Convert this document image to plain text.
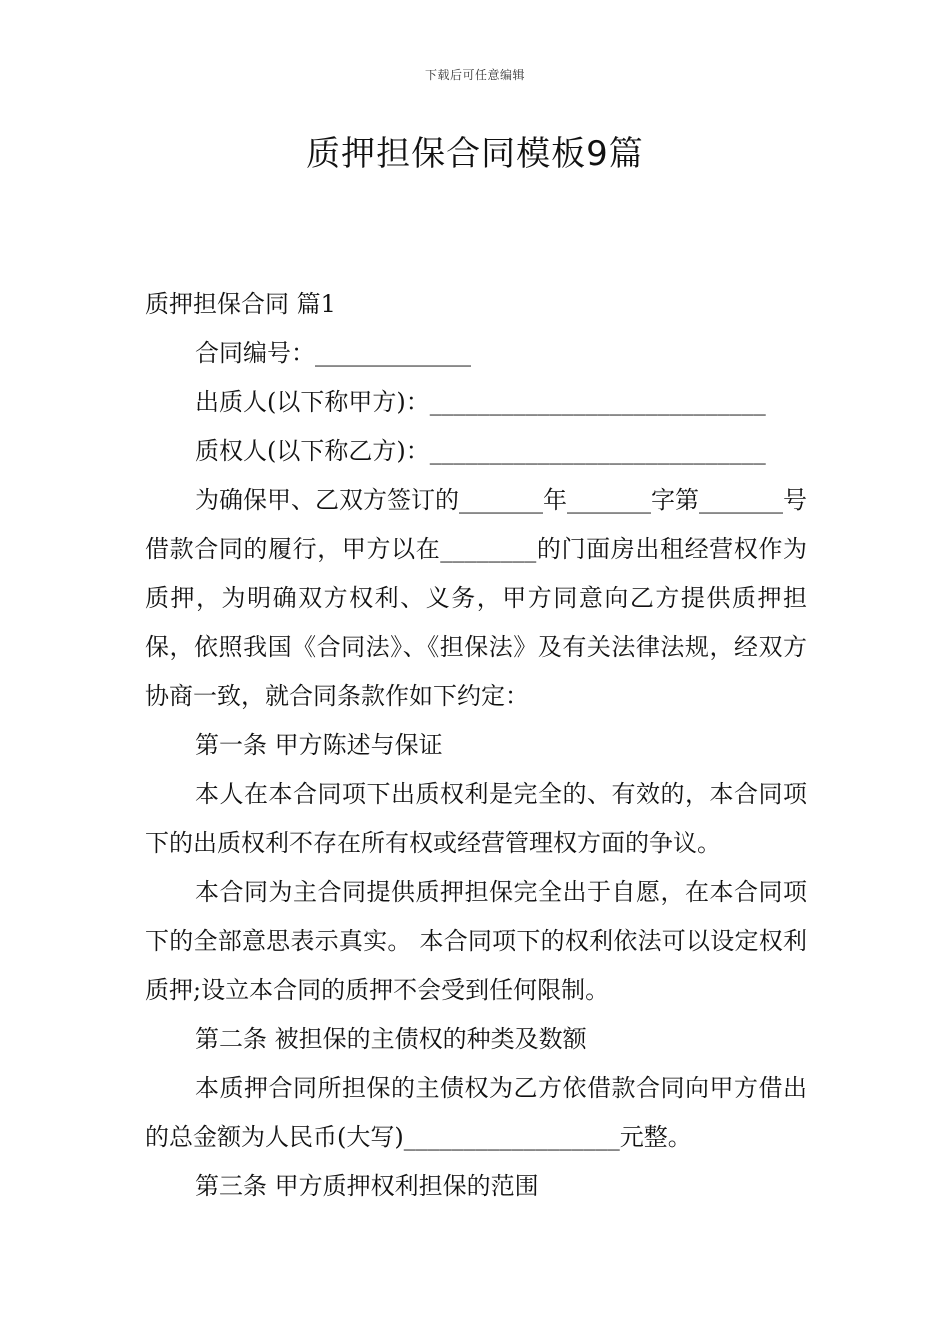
下载后可任意编辑
质押担保合同模板9篇
质押担保合同 篇1
合同编号：_____________
出质人(以下称甲方)：____________________________
质权人(以下称乙方)：____________________________

为确保甲、乙双方签订的_______年_______字第_______号借款合同的履行，甲方以在________的门面房出租经营权作为质押，为明确双方权利、义务，甲方同意向乙方提供质押担保，依照我国《合同法》、《担保法》及有关法律法规，经双方协商一致，就合同条款作如下约定：

第一条 甲方陈述与保证

本人在本合同项下出质权利是完全的、有效的，本合同项下的出质权利不存在所有权或经营管理权方面的争议。

本合同为主合同提供质押担保完全出于自愿，在本合同项下的全部意思表示真实。 本合同项下的权利依法可以设定权利质押;设立本合同的质押不会受到任何限制。

第二条 被担保的主债权的种类及数额

本质押合同所担保的主债权为乙方依借款合同向甲方借出的总金额为人民币(大写)__________________元整。

第三条 甲方质押权利担保的范围
